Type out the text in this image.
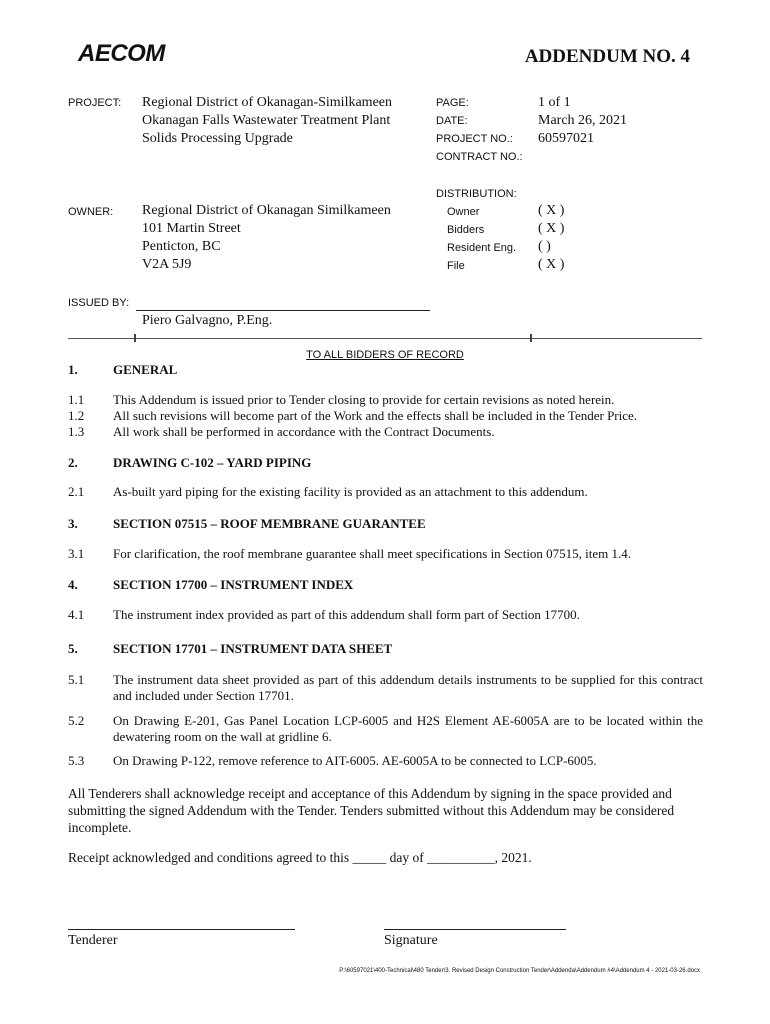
AECOM	ADDENDUM NO. 4
PROJECT: Regional District of Okanagan-Similkameen
Okanagan Falls Wastewater Treatment Plant
Solids Processing Upgrade
PAGE:	1 of 1
DATE:	March 26, 2021
PROJECT NO.: 60597021
CONTRACT NO.:
DISTRIBUTION:
Owner	( X )
Bidders	( X )
Resident Eng. ( )
File	( X )
OWNER: Regional District of Okanagan Similkameen
101 Martin Street
Penticton, BC
V2A 5J9
ISSUED BY:
Piero Galvagno, P.Eng.
TO ALL BIDDERS OF RECORD
1.	GENERAL
1.1 This Addendum is issued prior to Tender closing to provide for certain revisions as noted herein.
1.2 All such revisions will become part of the Work and the effects shall be included in the Tender Price.
1.3 All work shall be performed in accordance with the Contract Documents.
2.	DRAWING C-102 – YARD PIPING
2.1 As-built yard piping for the existing facility is provided as an attachment to this addendum.
3.	SECTION 07515 – ROOF MEMBRANE GUARANTEE
3.1 For clarification, the roof membrane guarantee shall meet specifications in Section 07515, item 1.4.
4.	SECTION 17700 – INSTRUMENT INDEX
4.1 The instrument index provided as part of this addendum shall form part of Section 17700.
5.	SECTION 17701 – INSTRUMENT DATA SHEET
5.1 The instrument data sheet provided as part of this addendum details instruments to be supplied for this contract and included under Section 17701.
5.2 On Drawing E-201, Gas Panel Location LCP-6005 and H2S Element AE-6005A are to be located within the dewatering room on the wall at gridline 6.
5.3 On Drawing P-122, remove reference to AIT-6005. AE-6005A to be connected to LCP-6005.
All Tenderers shall acknowledge receipt and acceptance of this Addendum by signing in the space provided and submitting the signed Addendum with the Tender. Tenders submitted without this Addendum may be considered incomplete.
Receipt acknowledged and conditions agreed to this _____ day of __________, 2021.
Tenderer	Signature
P:\60597021\400-Technical\480 Tender\3. Revised Design Construction Tender\Addenda\Addendum #4\Addendum 4 - 2021-03-26.docx
